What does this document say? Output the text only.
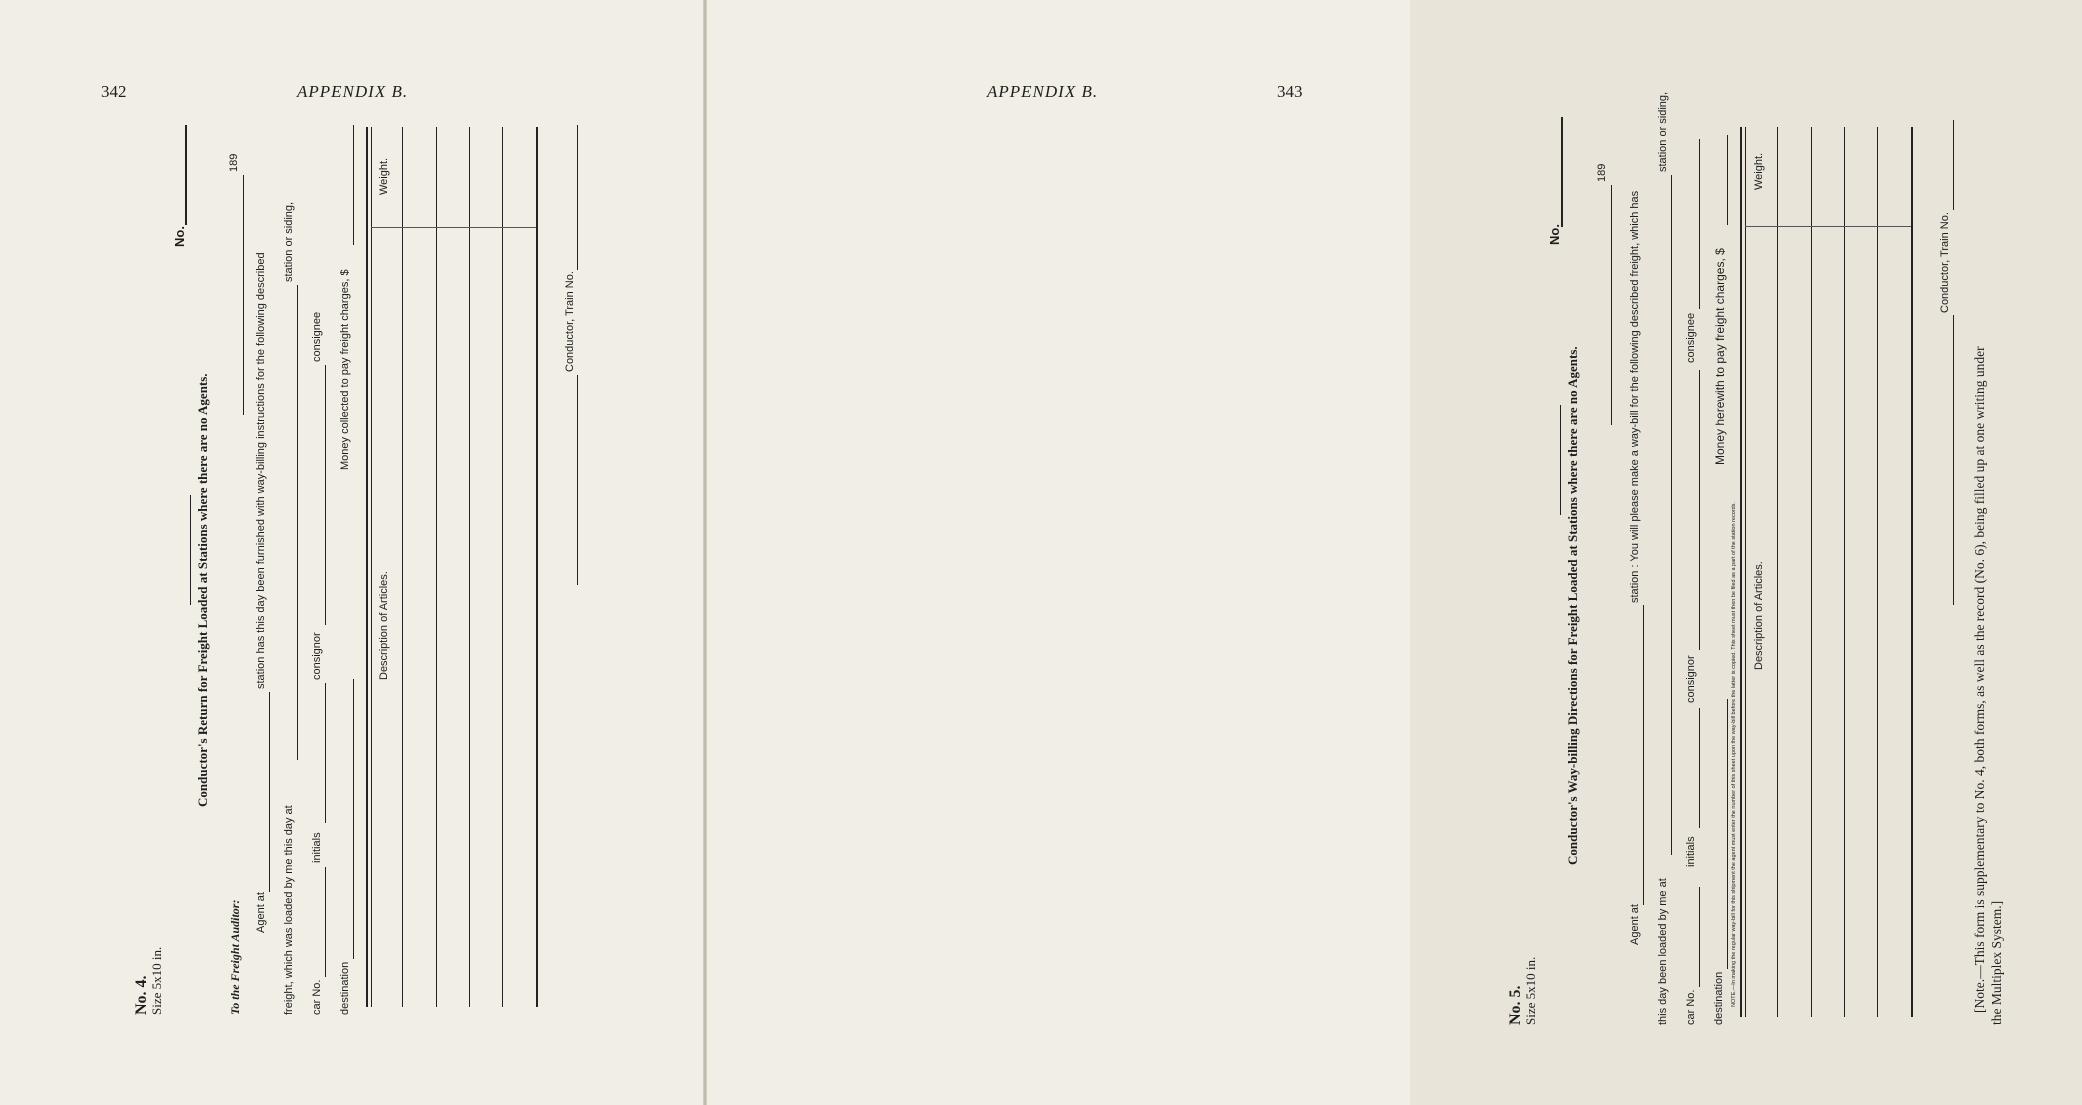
342	APPENDIX B.
No. 4. Size 5x10 in.
Conductor's Return for Freight Loaded at Stations where there are no Agents.
No.
To the Freight Auditor:
189
Agent at
station has this day been furnished with way-billing instructions for the following described
freight, which was loaded by me this day at
station or siding,
car No.
initials
consignor
consignee
destination
Money collected to pay freight charges, $
Description of Articles.
Weight.
Conductor, Train No.
APPENDIX B.	343
No. 5. Size 5x10 in.
Conductor's Way-billing Directions for Freight Loaded at Stations where there are no Agents.
No.
189
Agent at
station : You will please make a way-bill for the following described freight, which has
this day been loaded by me at
station or siding,
car No.
initials
consignor
consignee
destination
Money herewith to pay freight charges, $
NOTE.—In making the regular way-bill for this shipment the agent must enter the number of this sheet upon the way-bill before the latter is copied. This sheet must then be filed as a part of the station records. Description of Articles.
Weight.
Conductor, Train No.
[Note.—This form is supplementary to No. 4, both forms, as well as the record (No. 6), being filled up at one writing under the Multiplex System.]
